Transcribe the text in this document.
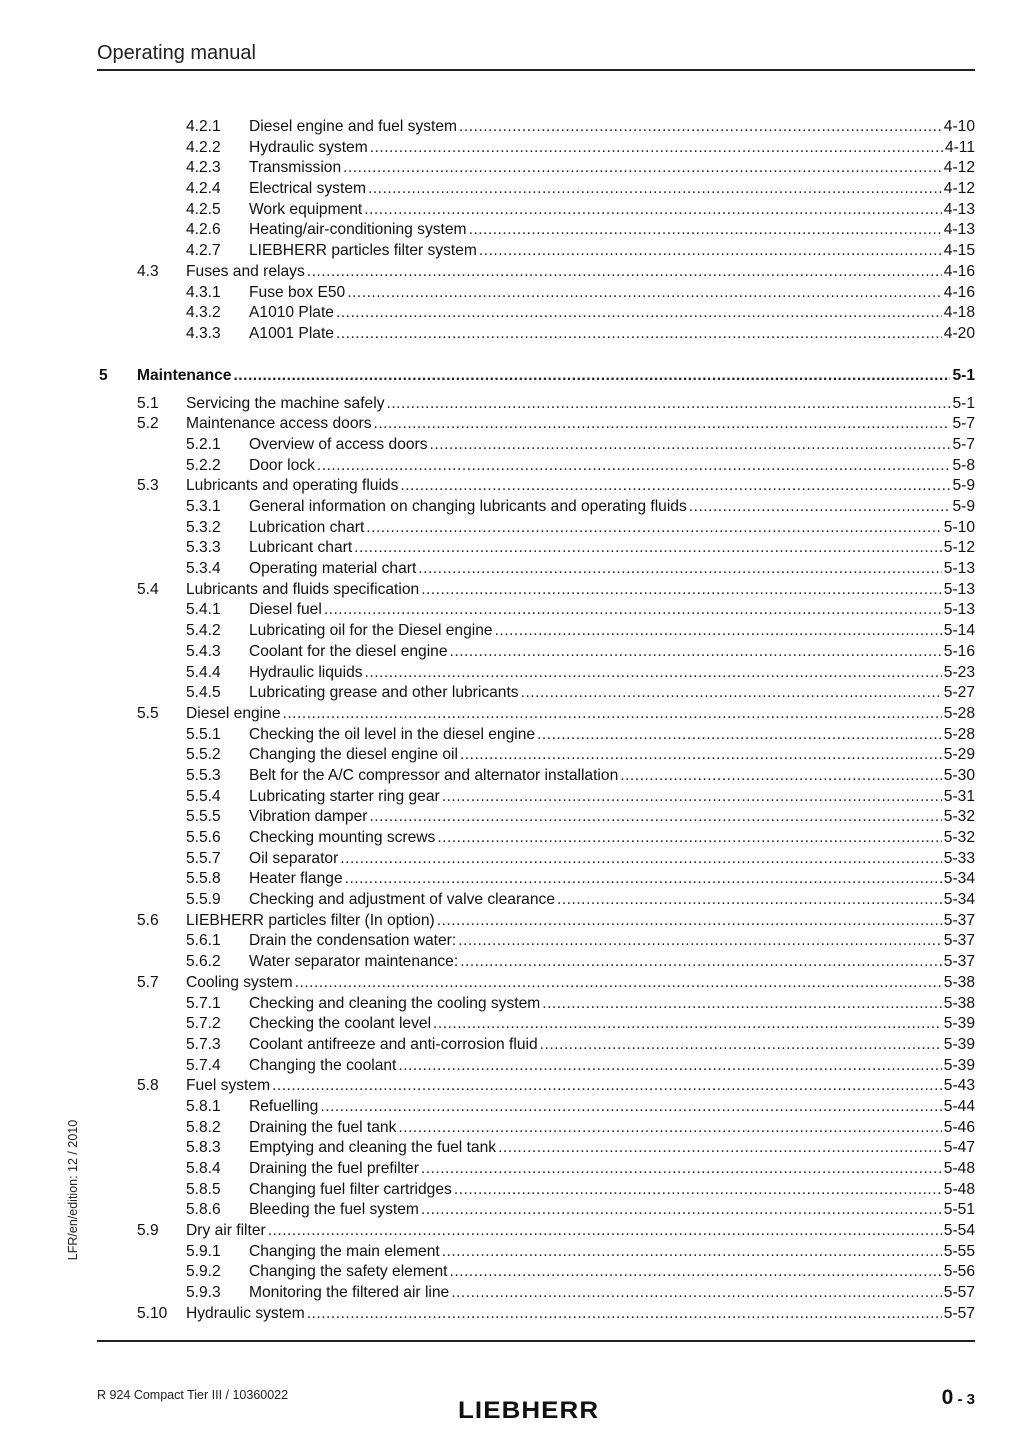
Operating manual
4.2.1 Diesel engine and fuel system .....	4-10
4.2.2 Hydraulic system .....	4-11
4.2.3 Transmission .....	4-12
4.2.4 Electrical system .....	4-12
4.2.5 Work equipment .....	4-13
4.2.6 Heating/air-conditioning system .....	4-13
4.2.7 LIEBHERR particles filter system .....	4-15
4.3 Fuses and relays .....	4-16
4.3.1 Fuse box E50 .....	4-16
4.3.2 A1010 Plate .....	4-18
4.3.3 A1001 Plate .....	4-20
5 Maintenance .....	5-1
5.1 Servicing the machine safely .....	5-1
5.2 Maintenance access doors .....	5-7
5.2.1 Overview of access doors .....	5-7
5.2.2 Door lock .....	5-8
5.3 Lubricants and operating fluids .....	5-9
5.3.1 General information on changing lubricants and operating fluids .....	5-9
5.3.2 Lubrication chart .....	5-10
5.3.3 Lubricant chart .....	5-12
5.3.4 Operating material chart .....	5-13
5.4 Lubricants and fluids specification .....	5-13
5.4.1 Diesel fuel .....	5-13
5.4.2 Lubricating oil for the Diesel engine .....	5-14
5.4.3 Coolant for the diesel engine .....	5-16
5.4.4 Hydraulic liquids .....	5-23
5.4.5 Lubricating grease and other lubricants .....	5-27
5.5 Diesel engine .....	5-28
5.5.1 Checking the oil level in the diesel engine .....	5-28
5.5.2 Changing the diesel engine oil .....	5-29
5.5.3 Belt for the A/C compressor and alternator installation .....	5-30
5.5.4 Lubricating starter ring gear .....	5-31
5.5.5 Vibration damper .....	5-32
5.5.6 Checking mounting screws .....	5-32
5.5.7 Oil separator .....	5-33
5.5.8 Heater flange .....	5-34
5.5.9 Checking and adjustment of valve clearance .....	5-34
5.6 LIEBHERR particles filter (In option) .....	5-37
5.6.1 Drain the condensation water: .....	5-37
5.6.2 Water separator maintenance: .....	5-37
5.7 Cooling system .....	5-38
5.7.1 Checking and cleaning the cooling system .....	5-38
5.7.2 Checking the coolant level .....	5-39
5.7.3 Coolant antifreeze and anti-corrosion fluid .....	5-39
5.7.4 Changing the coolant .....	5-39
5.8 Fuel system .....	5-43
5.8.1 Refuelling .....	5-44
5.8.2 Draining the fuel tank .....	5-46
5.8.3 Emptying and cleaning the fuel tank .....	5-47
5.8.4 Draining the fuel prefilter .....	5-48
5.8.5 Changing fuel filter cartridges .....	5-48
5.8.6 Bleeding the fuel system .....	5-51
5.9 Dry air filter .....	5-54
5.9.1 Changing the main element .....	5-55
5.9.2 Changing the safety element .....	5-56
5.9.3 Monitoring the filtered air line .....	5-57
5.10 Hydraulic system .....	5-57
LFR/en/edition: 12 / 2010
R 924 Compact Tier III / 10360022
LIEBHERR	0 - 3
